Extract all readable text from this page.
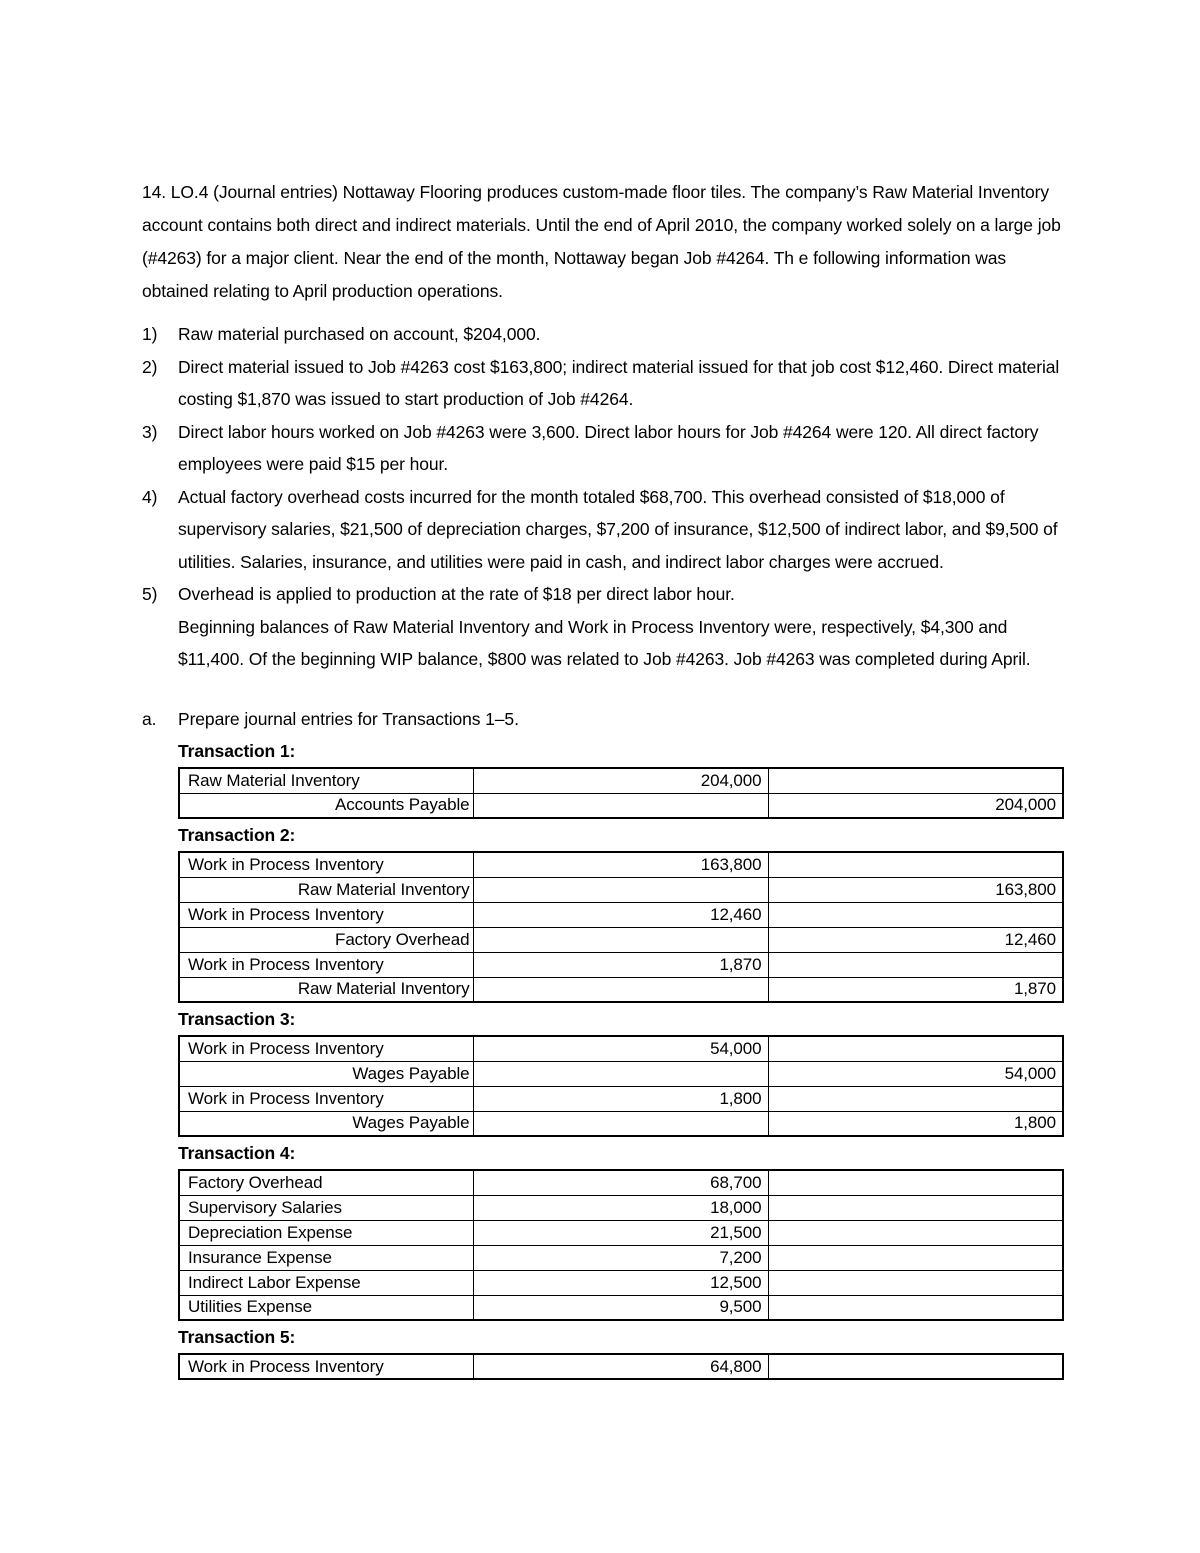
14. LO.4 (Journal entries) Nottaway Flooring produces custom-made floor tiles. The company’s Raw Material Inventory account contains both direct and indirect materials. Until the end of April 2010, the company worked solely on a large job (#4263) for a major client. Near the end of the month, Nottaway began Job #4264. Th e following information was obtained relating to April production operations.

1)	Raw material purchased on account, $204,000.
2)	Direct material issued to Job #4263 cost $163,800; indirect material issued for that job cost $12,460. Direct material costing $1,870 was issued to start production of Job #4264.
3)	Direct labor hours worked on Job #4263 were 3,600. Direct labor hours for Job #4264 were 120. All direct factory employees were paid $15 per hour.
4)	Actual factory overhead costs incurred for the month totaled $68,700. This overhead consisted of $18,000 of supervisory salaries, $21,500 of depreciation charges, $7,200 of insurance, $12,500 of indirect labor, and $9,500 of utilities. Salaries, insurance, and utilities were paid in cash, and indirect labor charges were accrued.
5)	Overhead is applied to production at the rate of $18 per direct labor hour.
Beginning balances of Raw Material Inventory and Work in Process Inventory were, respectively, $4,300 and $11,400. Of the beginning WIP balance, $800 was related to Job #4263. Job #4263 was completed during April.
a.	Prepare journal entries for Transactions 1–5.
Transaction 1:
Raw Material Inventory	204,000	
Accounts Payable		204,000
Transaction 2:
Work in Process Inventory	163,800	
Raw Material Inventory		163,800
Work in Process Inventory	12,460	
Factory Overhead		12,460
Work in Process Inventory	1,870	
Raw Material Inventory		1,870
Transaction 3:
Work in Process Inventory	54,000	
Wages Payable		54,000
Work in Process Inventory	1,800	
Wages Payable		1,800
Transaction 4:
Factory Overhead	68,700	
Supervisory Salaries	18,000	
Depreciation Expense	21,500	
Insurance Expense	7,200	
Indirect Labor Expense	12,500	
Utilities Expense	9,500	
Transaction 5:
Work in Process Inventory	64,800	
